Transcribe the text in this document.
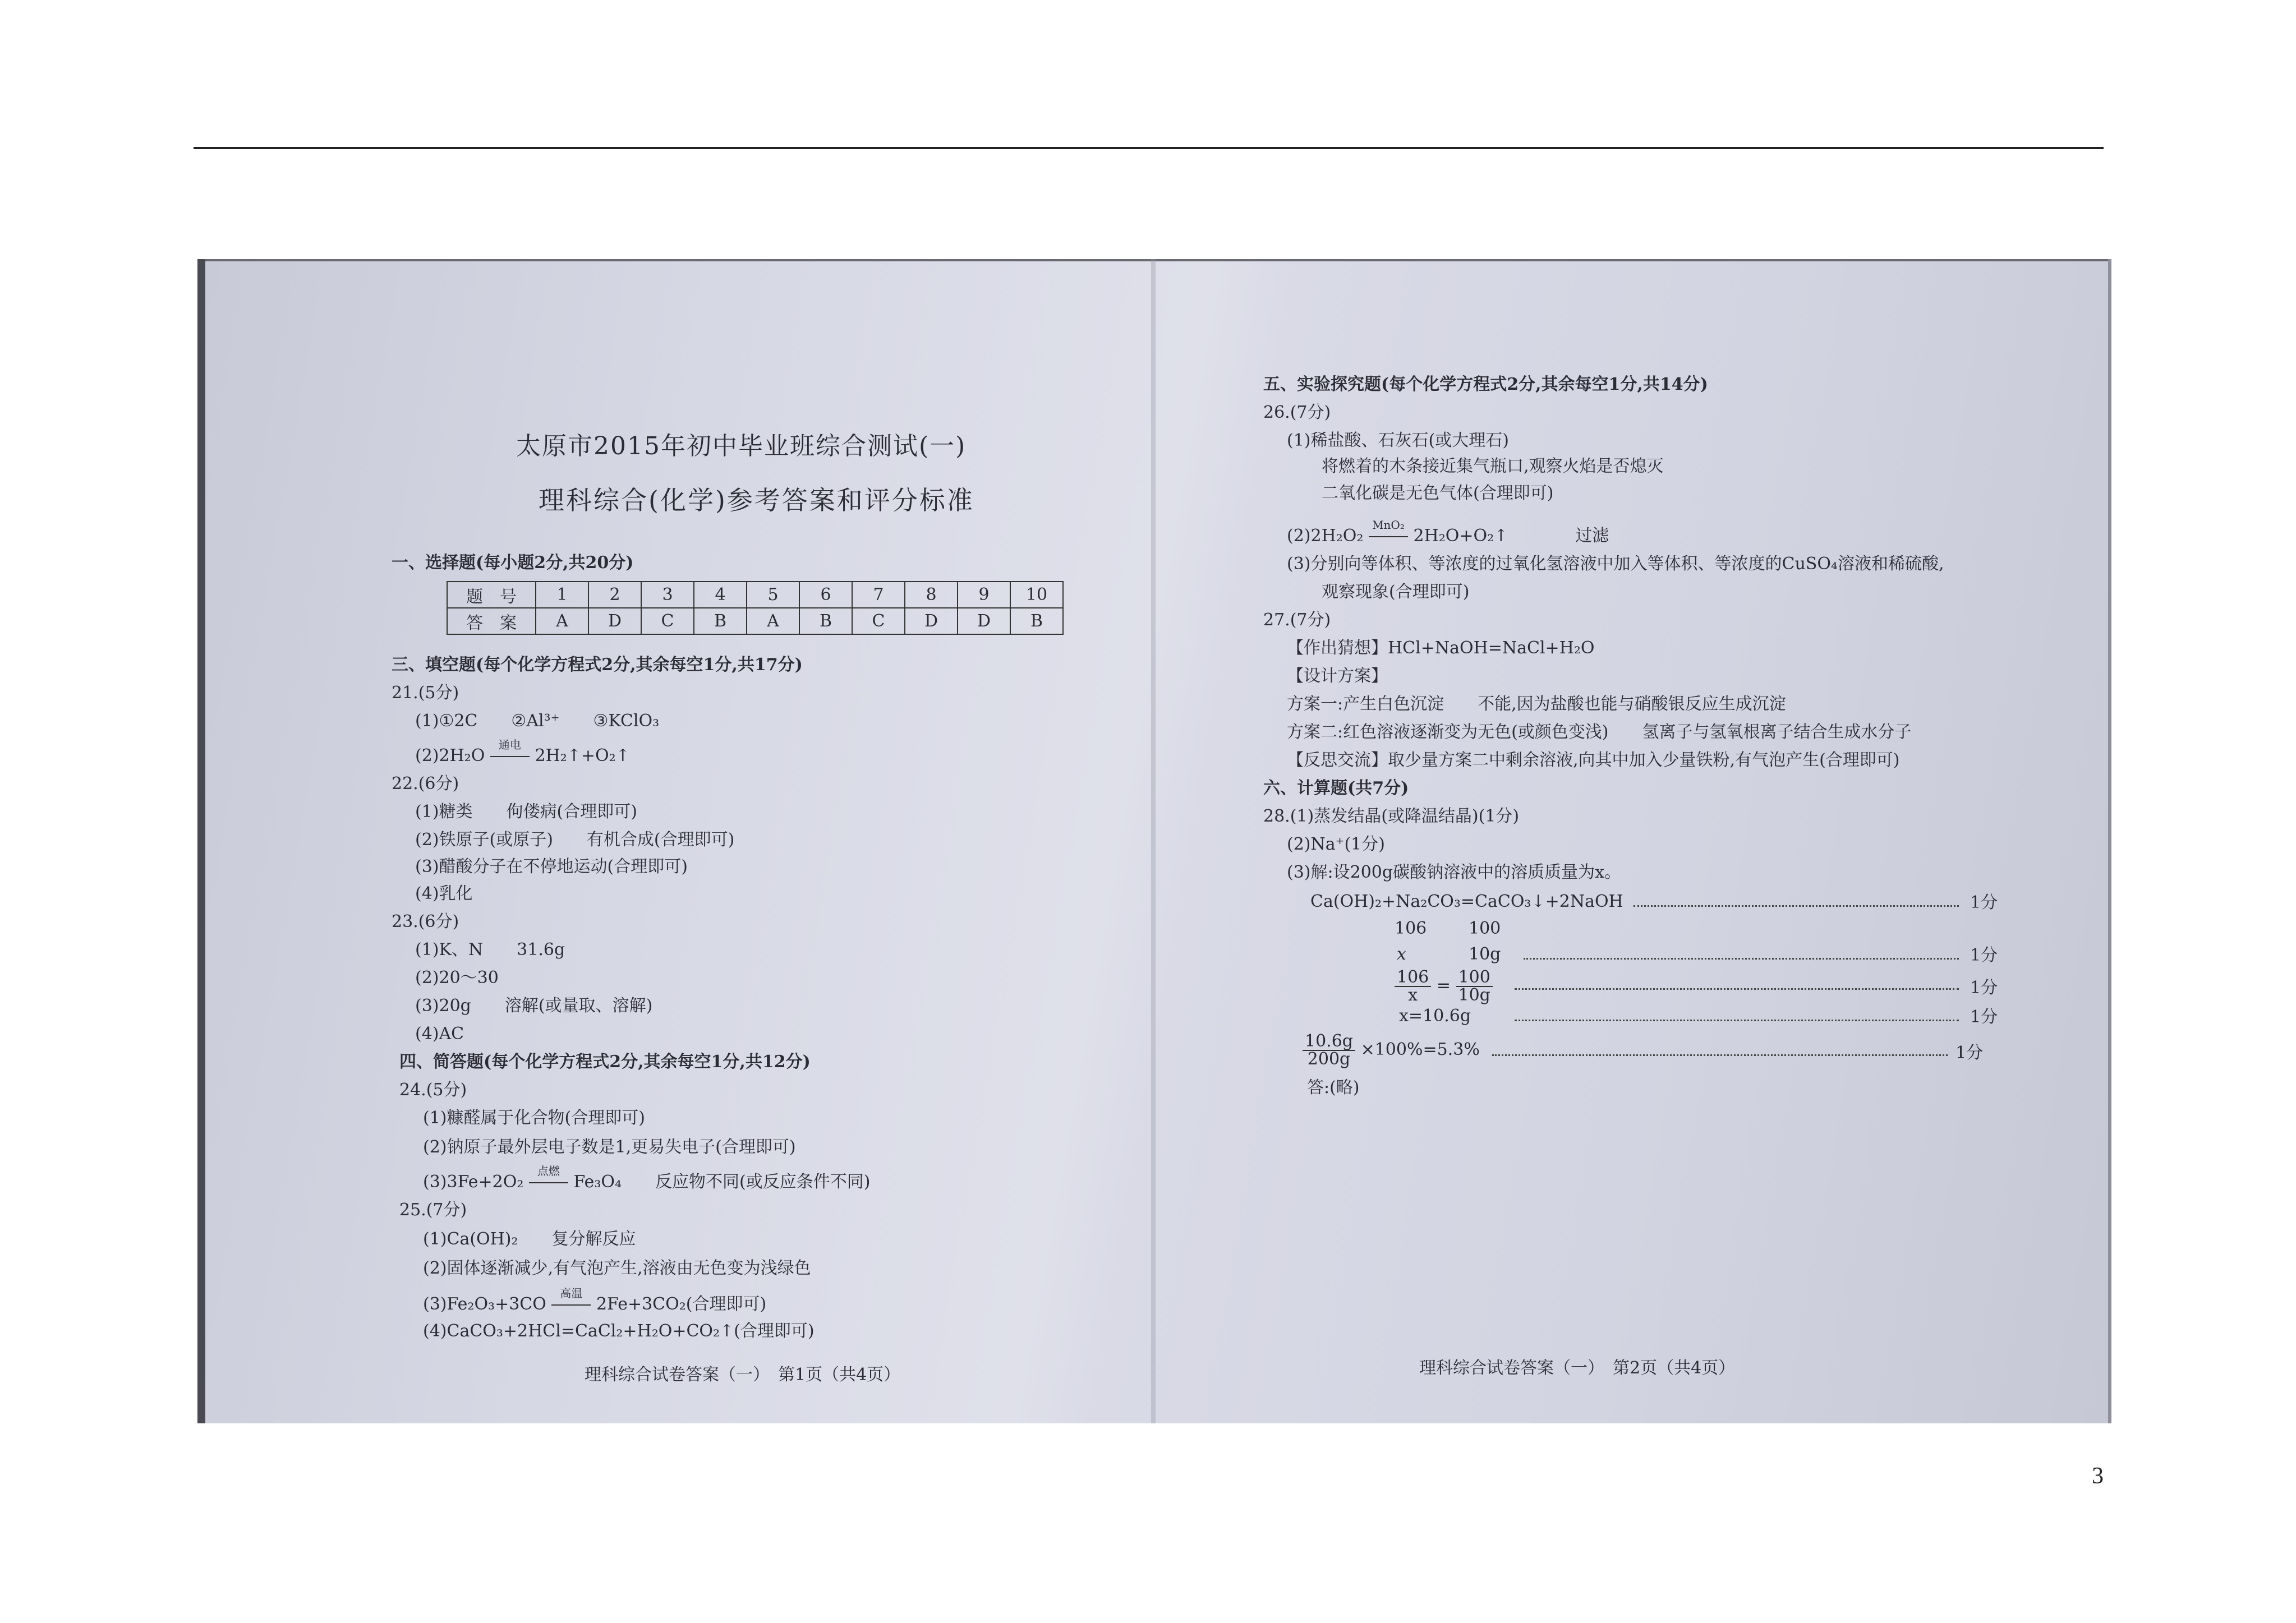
太原市2015年初中毕业班综合测试(一)
理科综合(化学)参考答案和评分标准
一、选择题(每小题2分,共20分)
题　号	1	2	3	4	5	6	7	8	9	10
答　案	A	D	C	B	A	B	C	D	D	B
三、填空题(每个化学方程式2分,其余每空1分,共17分)
21.(5分)
(1)①2C　　②Al³⁺　　③KClO₃
(2)2H₂O
通电
2H₂↑+O₂↑
22.(6分)
(1)糖类　　佝偻病(合理即可)
(2)铁原子(或原子)　　有机合成(合理即可)
(3)醋酸分子在不停地运动(合理即可)
(4)乳化
23.(6分)
(1)K、N　　31.6g
(2)20～30
(3)20g　　溶解(或量取、溶解)
(4)AC
四、简答题(每个化学方程式2分,其余每空1分,共12分)
24.(5分)
(1)糠醛属于化合物(合理即可)
(2)钠原子最外层电子数是1,更易失电子(合理即可)
(3)3Fe+2O₂
点燃
Fe₃O₄　　反应物不同(或反应条件不同)
25.(7分)
(1)Ca(OH)₂　　复分解反应
(2)固体逐渐减少,有气泡产生,溶液由无色变为浅绿色
(3)Fe₂O₃+3CO
高温
2Fe+3CO₂(合理即可)
(4)CaCO₃+2HCl=CaCl₂+H₂O+CO₂↑(合理即可)
理科综合试卷答案（一）　第1页（共4页）
五、实验探究题(每个化学方程式2分,其余每空1分,共14分)
26.(7分)
(1)稀盐酸、石灰石(或大理石)
将燃着的木条接近集气瓶口,观察火焰是否熄灭
二氧化碳是无色气体(合理即可)
(2)2H₂O₂
MnO₂
2H₂O+O₂↑　　　　过滤
(3)分别向等体积、等浓度的过氧化氢溶液中加入等体积、等浓度的CuSO₄溶液和稀硫酸,
观察现象(合理即可)
27.(7分)
【作出猜想】HCl+NaOH=NaCl+H₂O
【设计方案】
方案一:产生白色沉淀　　不能,因为盐酸也能与硝酸银反应生成沉淀
方案二:红色溶液逐渐变为无色(或颜色变浅)　　氢离子与氢氧根离子结合生成水分子
【反思交流】取少量方案二中剩余溶液,向其中加入少量铁粉,有气泡产生(合理即可)
六、计算题(共7分)
28.(1)蒸发结晶(或降温结晶)(1分)
(2)Na⁺(1分)
(3)解:设200g碳酸钠溶液中的溶质质量为x。
Ca(OH)₂+Na₂CO₃=CaCO₃↓+2NaOH	1分
106 100
x	10g	1分
$\frac{106}{x} = \frac{100}{10g}$	1分
x=10.6g	1分
$\frac{10.6g}{200g} \times 100\%=5.3\%$	1分
答:(略)
理科综合试卷答案（一）　第2页（共4页）
3
